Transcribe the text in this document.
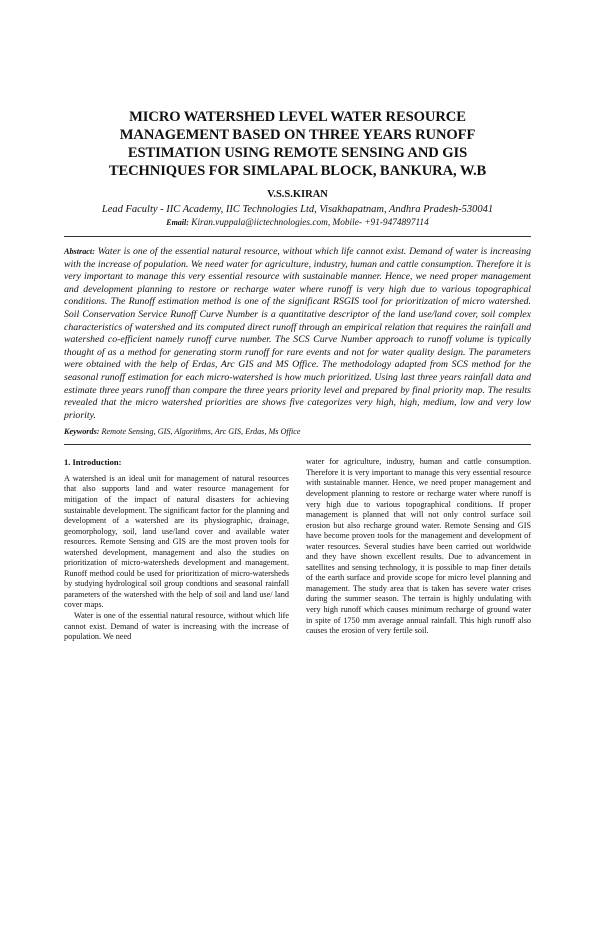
MICRO WATERSHED LEVEL WATER RESOURCE
MANAGEMENT BASED ON THREE YEARS RUNOFF
ESTIMATION USING REMOTE SENSING AND GIS
TECHNIQUES FOR SIMLAPAL BLOCK, BANKURA, W.B
V.S.S.KIRAN
Lead Faculty - IIC Academy, IIC Technologies Ltd, Visakhapatnam, Andhra Pradesh-530041
Email: Kiran.vuppala@iictechnologies.com, Mobile- +91-9474897114
Abstract: Water is one of the essential natural resource, without which life cannot exist. Demand of water is increasing with the increase of population. We need water for agriculture, industry, human and cattle consumption. Therefore it is very important to manage this very essential resource with sustainable manner. Hence, we need proper management and development planning to restore or recharge water where runoff is very high due to various topographical conditions. The Runoff estimation method is one of the significant RSGIS tool for prioritization of micro watershed. Soil Conservation Service Runoff Curve Number is a quantitative descriptor of the land use/land cover, soil complex characteristics of watershed and its computed direct runoff through an empirical relation that requires the rainfall and watershed co-efficient namely runoff curve number. The SCS Curve Number approach to runoff volume is typically thought of as a method for generating storm runoff for rare events and not for water quality design. The parameters were obtained with the help of Erdas, Arc GIS and MS Office. The methodology adapted from SCS method for the seasonal runoff estimation for each micro-watershed is how much prioritized. Using last three years rainfall data and estimate three years runoff than compare the three years priority level and prepared by final priority map. The results revealed that the micro watershed priorities are shows five categorizes very high, high, medium, low and very low priority.
Keywords: Remote Sensing, GIS, Algorithms, Arc GIS, Erdas, Ms Office
1. Introduction:

A watershed is an ideal unit for management of natural resources that also supports land and water resource management for mitigation of the impact of natural disasters for achieving sustainable development. The significant factor for the planning and development of a watershed are its physiographic, drainage, geomorphology, soil, land use/land cover and available water resources. Remote Sensing and GIS are the most proven tools for watershed development, management and also the studies on prioritization of micro-watersheds development and management. Runoff method could be used for prioritization of micro-watersheds by studying hydrological soil group condtions and seasonal rainfall parameters of the watershed with the help of soil and land use/ land cover maps.

Water is one of the essential natural resource, without which life cannot exist. Demand of water is increasing with the increase of population. We need

water for agriculture, industry, human and cattle consumption. Therefore it is very important to manage this very essential resource with sustainable manner. Hence, we need proper management and development planning to restore or recharge water where runoff is very high due to various topographical conditions. If proper management is planned that will not only control surface soil erosion but also recharge ground water. Remote Sensing and GIS have become proven tools for the management and development of water resources. Several studies have been carried out worldwide and they have shown excellent results. Due to advancement in satellites and sensing technology, it is possible to map finer details of the earth surface and provide scope for micro level planning and management. The study area that is taken has severe water crises during the summer season. The terrain is highly undulating with very high runoff which causes minimum recharge of ground water in spite of 1750 mm average annual rainfall. This high runoff also causes the erosion of very fertile soil.
